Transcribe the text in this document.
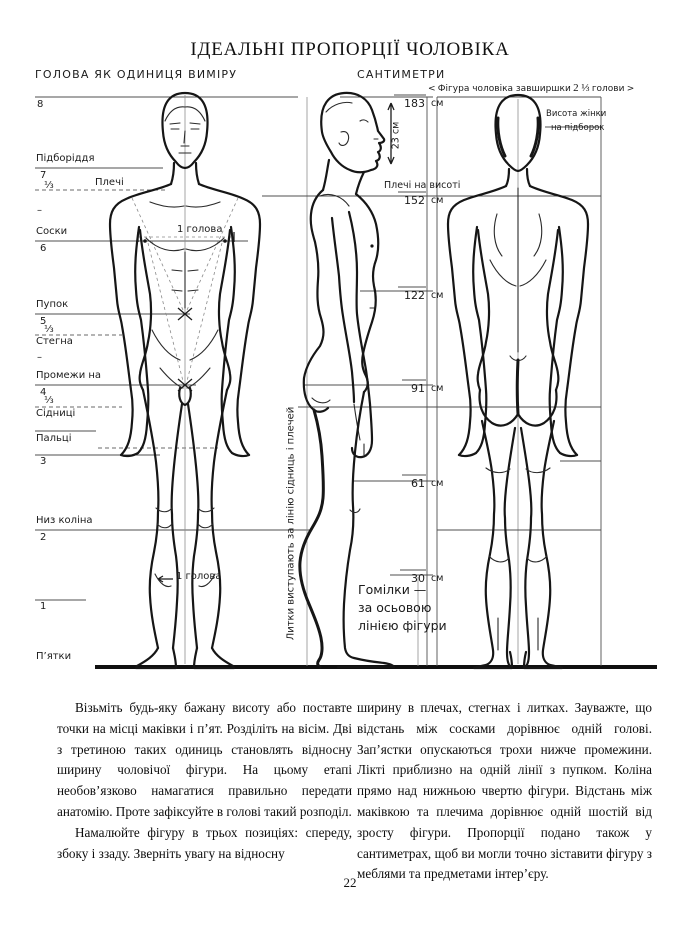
ІДЕАЛЬНІ ПРОПОРЦІЇ ЧОЛОВІКА
ГОЛОВА ЯК ОДИНИЦЯ ВИМІРУ	САНТИМЕТРИ
< Фігура чоловіка завширшки 2 ⅓ голови >
8
Підборіддя
7
⅓	Плечі
–
Соски
6
Пупок
5
⅓
Стегна
–
Промежи на
4
⅓
Сідниці
Пальці
3
Низ коліна
2
1
П’ятки
1 голова
1 голова
Плечі на висоті
23 см
Висота жінки
на підборок
Литки виступають за лінію сідниць і плечей	Гомілки —
за осьовою
лінією фігури
183 см
152 см
122 см
91 см
61 см
30 см

Візьміть будь-яку бажану висоту або поставте точки на місці маківки і п’ят. Розділіть на вісім. Дві з третиною таких одиниць становлять відносну ширину чоловічої фігури. На цьому етапі необов’язково намагатися правильно передати анатомію. Проте зафіксуйте в голові такий розподіл.

Намалюйте фігуру в трьох позиціях: спереду, збоку і ззаду. Зверніть увагу на відносну

ширину в плечах, стегнах і литках. Зауважте, що відстань між сосками дорівнює одній голові. Зап’ястки опускаються трохи нижче промежини. Лікті приблизно на одній лінії з пупком. Коліна прямо над нижньою чвертю фігури. Відстань між маківкою та плечима дорівнює одній шостій від зросту фігури. Пропорції подано також у сантиметрах, щоб ви могли точно зіставити фігуру з меблями та предметами інтер’єру.

22
